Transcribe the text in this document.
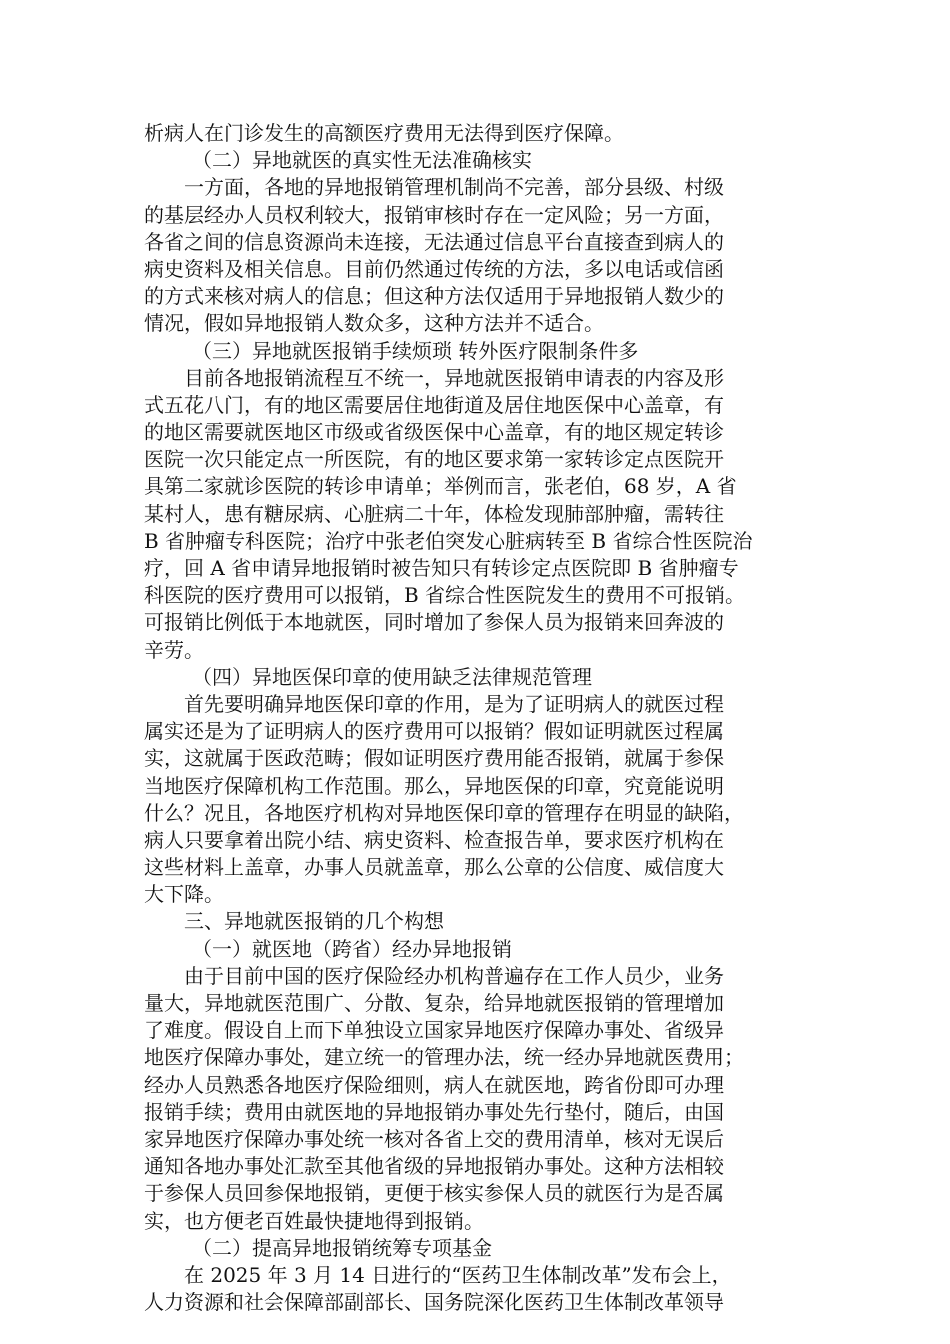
析病人在门诊发生的高额医疗费用无法得到医疗保障。
（二）异地就医的真实性无法准确核实
一方面，各地的异地报销管理机制尚不完善，部分县级、村级
的基层经办人员权利较大，报销审核时存在一定风险；另一方面，
各省之间的信息资源尚未连接，无法通过信息平台直接查到病人的
病史资料及相关信息。目前仍然通过传统的方法，多以电话或信函
的方式来核对病人的信息；但这种方法仅适用于异地报销人数少的
情况，假如异地报销人数众多，这种方法并不适合。
（三）异地就医报销手续烦琐 转外医疗限制条件多
目前各地报销流程互不统一，异地就医报销申请表的内容及形
式五花八门，有的地区需要居住地街道及居住地医保中心盖章，有
的地区需要就医地区市级或省级医保中心盖章，有的地区规定转诊
医院一次只能定点一所医院，有的地区要求第一家转诊定点医院开
具第二家就诊医院的转诊申请单；举例而言，张老伯，68 岁，A 省
某村人，患有糖尿病、心脏病二十年，体检发现肺部肿瘤，需转往
B 省肿瘤专科医院；治疗中张老伯突发心脏病转至 B 省综合性医院治
疗，回 A 省申请异地报销时被告知只有转诊定点医院即 B 省肿瘤专
科医院的医疗费用可以报销，B 省综合性医院发生的费用不可报销。
可报销比例低于本地就医，同时增加了参保人员为报销来回奔波的
辛劳。
（四）异地医保印章的使用缺乏法律规范管理
首先要明确异地医保印章的作用，是为了证明病人的就医过程
属实还是为了证明病人的医疗费用可以报销？假如证明就医过程属
实，这就属于医政范畴；假如证明医疗费用能否报销，就属于参保
当地医疗保障机构工作范围。那么，异地医保的印章，究竟能说明
什么？况且，各地医疗机构对异地医保印章的管理存在明显的缺陷，
病人只要拿着出院小结、病史资料、检查报告单，要求医疗机构在
这些材料上盖章，办事人员就盖章，那么公章的公信度、威信度大
大下降。
三、异地就医报销的几个构想
（一）就医地（跨省）经办异地报销
由于目前中国的医疗保险经办机构普遍存在工作人员少，业务
量大，异地就医范围广、分散、复杂，给异地就医报销的管理增加
了难度。假设自上而下单独设立国家异地医疗保障办事处、省级异
地医疗保障办事处，建立统一的管理办法，统一经办异地就医费用；
经办人员熟悉各地医疗保险细则，病人在就医地，跨省份即可办理
报销手续；费用由就医地的异地报销办事处先行垫付，随后，由国
家异地医疗保障办事处统一核对各省上交的费用清单，核对无误后
通知各地办事处汇款至其他省级的异地报销办事处。这种方法相较
于参保人员回参保地报销，更便于核实参保人员的就医行为是否属
实，也方便老百姓最快捷地得到报销。
（二）提高异地报销统筹专项基金
在 2025 年 3 月 14 日进行的“医药卫生体制改革”发布会上，
人力资源和社会保障部副部长、国务院深化医药卫生体制改革领导
